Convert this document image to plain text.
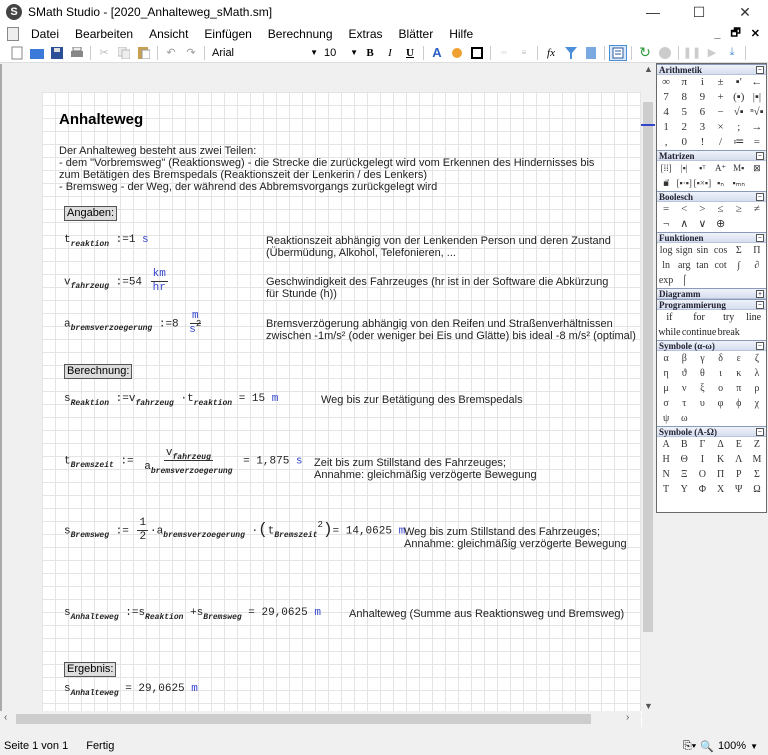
S SMath Studio - [2020_Anhalteweg_sMath.sm]	—	☐	✕
Datei	Bearbeiten	Ansicht	Einfügen	Berechnung	Extras	Blätter	Hilfe	_ 🗗 ✕
✂	↶ ↷	Arial	▼ 10 ▼ B	I	U	A	▫▫	≡	fx	↻	❚❚ ▶	⤓
Anhalteweg
Der Anhalteweg besteht aus zwei Teilen:
- dem "Vorbremsweg" (Reaktionsweg) - die Strecke die zurückgelegt wird vom Erkennen des Hindernisses bis
zum Betätigen des Bremspedals (Reaktionszeit der Lenkerin / des Lenkers)
- Bremsweg - der Weg, der während des Abbremsvorgangs zurückgelegt wird
Angaben:
$t_{reaktion}$ :=1 s	Reaktionszeit abhängig von der Lenkenden Person und deren Zustand
(Übermüdung, Alkohol, Telefonieren, ...
$v_{fahrzeug}$ :=54 $\frac{km}{hr}$	Geschwindigkeit des Fahrzeuges (hr ist in der Software die Abkürzung
für Stunde (h))
$a_{bremsverzoegerung}$ :=8 $\frac{m}{s^2}$	Bremsverzögerung abhängig von den Reifen und Straßenverhältnissen
zwischen -1m/s² (oder weniger bei Eis und Glätte) bis ideal -8 m/s² (optimal)
Berechnung:
$s_{Reaktion}$ $:=v_{fahrzeug} \cdot t_{reaktion} = 15$ m	Weg bis zur Betätigung des Bremspedals
$t_{Bremszeit}$ := $\frac{v_{fahrzeug}}{a_{bremsverzoegerung}} = 1,875$ s Zeit bis zum Stillstand des Fahrzeuges;
Annahme: gleichmäßig verzögerte Bewegung
$s_{Bremsweg}$ := $\frac{1}{2} \cdot a_{bremsverzoegerung} \cdot(t_{Bremszeit}^2)= 14,0625$ m
Weg bis zum Stillstand des Fahrzeuges;
Annahme: gleichmäßig verzögerte Bewegung
$s_{Anhalteweg}$ $:=s_{Reaktion} +s_{Bremsweg} = 29,0625$ m	Anhalteweg (Summe aus Reaktionsweg und Bremsweg)
Ergebnis:
$s_{Anhalteweg} = 29,0625$ m
▲
▼
‹	›
Arithmetik	−
∞	π	i	±	▪' ←
7	8	9	+ (▪) |▪|
4	5	6	− √▪ ⁿ√▪
1	2	3	×	;	→
,	0	!	/	≔ =
Matrizen	−
[⁞⁞]	|▪|	▪ᵀ	A⁺ M▪ ⊠
▪⃗ [▪·▪] [▪×▪] ▪ₙ ▪ₘₙ
Boolesch	−
=	<	>	≤	≥	≠
¬	∧ ∨ ⊕
Funktionen	−
log sign sin cos Σ	Π
ln arg tan cot	∫	∂
exp ⌠
Diagramm	+
Programmierung	−
if	for	try	line
while continue break
Symbole (α-ω)	−
α	β	γ	δ	ε	ζ
η	ϑ	θ	ι	κ	λ
μ	ν	ξ	ο	π	ρ
σ	τ	υ	φ	ϕ	χ
ψ	ω
Symbole (Α-Ω)	−
Α	Β	Γ	Δ	Ε	Ζ
Η	Θ	Ι	Κ	Λ	Μ
Ν	Ξ	Ο	Π	Ρ	Σ
Τ	Υ	Φ	Χ	Ψ	Ω
Seite 1 von 1 Fertig	⎘▾ 🔍 100% ▼
